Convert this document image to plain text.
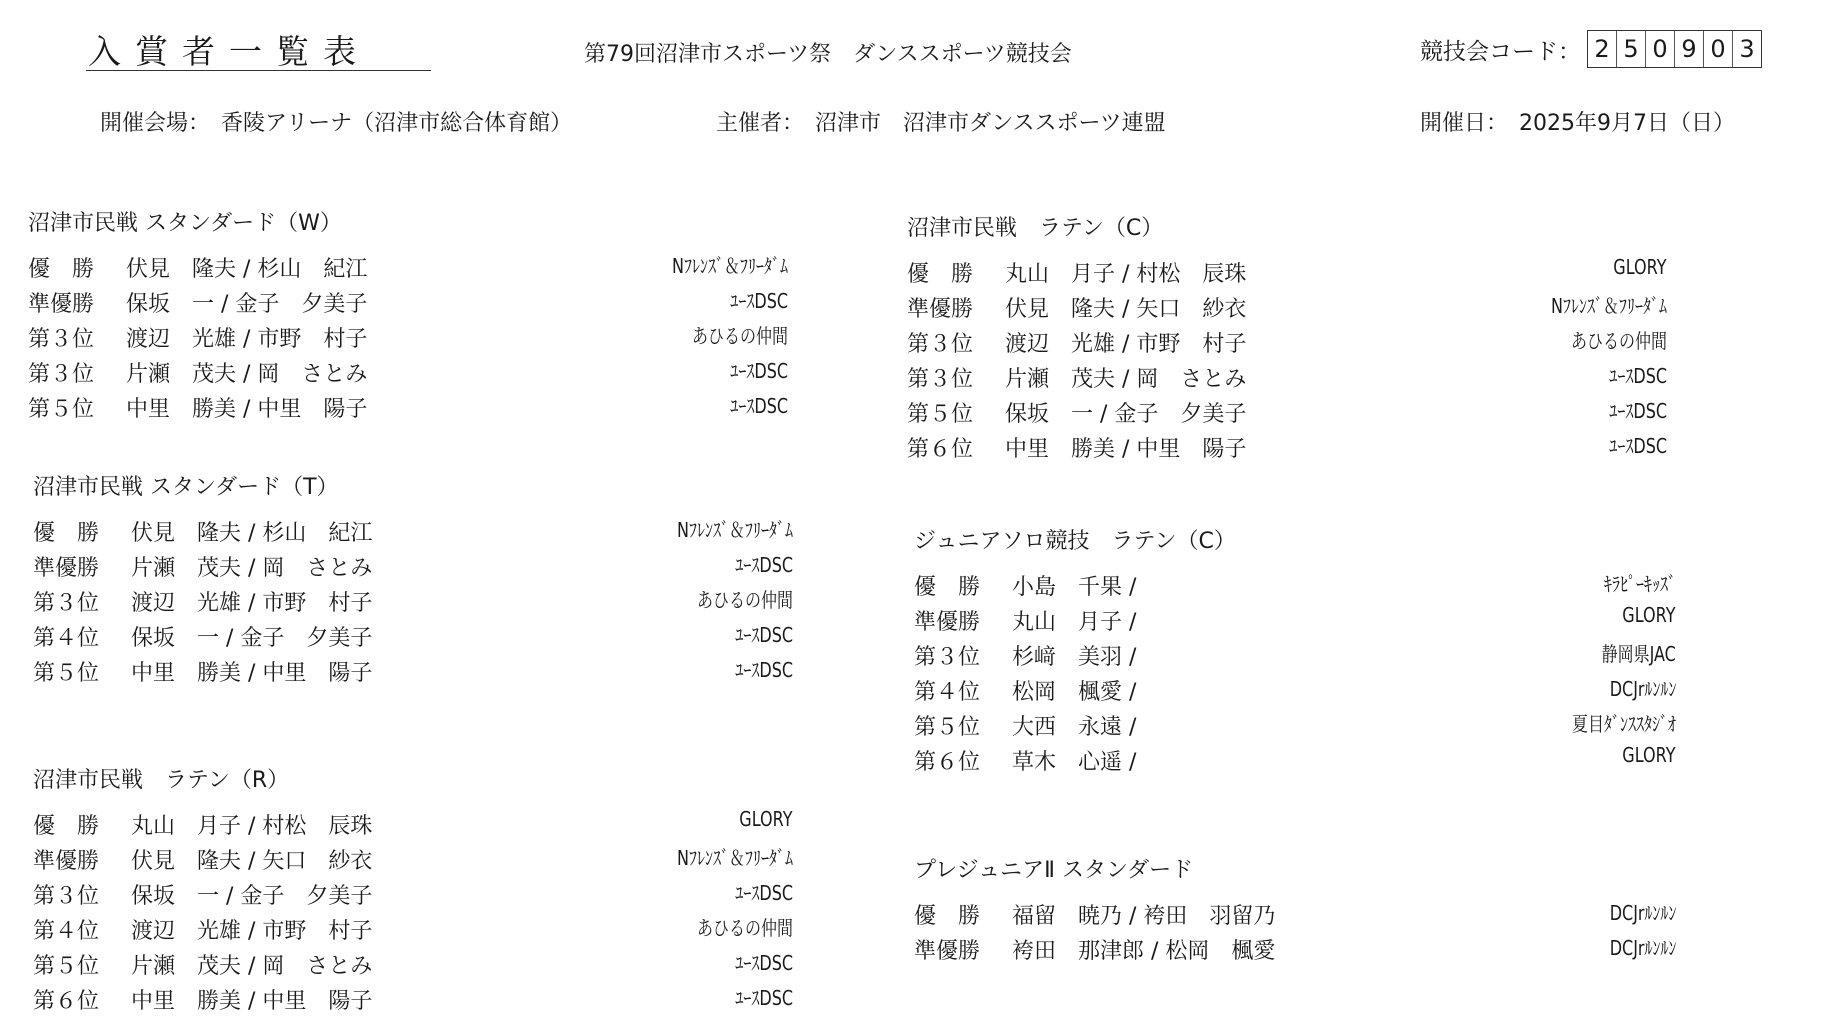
入賞者一覧表	第79回沼津市スポーツ祭　ダンススポーツ競技会	競技会コード： 2 5 0 9 0 3
開催会場：　香陵アリーナ（沼津市総合体育館）	主催者：　沼津市　沼津市ダンススポーツ連盟	開催日：　2025年9月7日（日）
沼津市民戦 スタンダード（W）
優　勝 伏見　隆夫 / 杉山　紀江	Nﾌﾚﾝｽﾞ＆ﾌﾘｰﾀﾞﾑ
準優勝 保坂　一 / 金子　夕美子	ﾕｰｽDSC
第３位 渡辺　光雄 / 市野　村子	あひるの仲間
第３位 片瀬　茂夫 / 岡　さとみ	ﾕｰｽDSC
第５位 中里　勝美 / 中里　陽子	ﾕｰｽDSC
沼津市民戦 スタンダード（T）
優　勝 伏見　隆夫 / 杉山　紀江	Nﾌﾚﾝｽﾞ＆ﾌﾘｰﾀﾞﾑ
準優勝 片瀬　茂夫 / 岡　さとみ	ﾕｰｽDSC
第３位 渡辺　光雄 / 市野　村子	あひるの仲間
第４位 保坂　一 / 金子　夕美子	ﾕｰｽDSC
第５位 中里　勝美 / 中里　陽子	ﾕｰｽDSC
沼津市民戦　ラテン（R）
優　勝 丸山　月子 / 村松　辰珠	GLORY
準優勝 伏見　隆夫 / 矢口　紗衣	Nﾌﾚﾝｽﾞ＆ﾌﾘｰﾀﾞﾑ
第３位 保坂　一 / 金子　夕美子	ﾕｰｽDSC
第４位 渡辺　光雄 / 市野　村子	あひるの仲間
第５位 片瀬　茂夫 / 岡　さとみ	ﾕｰｽDSC
第６位 中里　勝美 / 中里　陽子	ﾕｰｽDSC
沼津市民戦　ラテン（C）
優　勝 丸山　月子 / 村松　辰珠	GLORY
準優勝 伏見　隆夫 / 矢口　紗衣	Nﾌﾚﾝｽﾞ＆ﾌﾘｰﾀﾞﾑ
第３位 渡辺　光雄 / 市野　村子	あひるの仲間
第３位 片瀬　茂夫 / 岡　さとみ	ﾕｰｽDSC
第５位 保坂　一 / 金子　夕美子	ﾕｰｽDSC
第６位 中里　勝美 / 中里　陽子	ﾕｰｽDSC
ジュニアソロ競技　ラテン（C）
優　勝 小島　千果 /	ｷﾗﾋﾟｰｷｯｽﾞ
準優勝 丸山　月子 /	GLORY
第３位 杉﨑　美羽 /	静岡県JAC
第４位 松岡　楓愛 /	DCJrﾙﾝﾙﾝ
第５位 大西　永遠 /	夏目ﾀﾞﾝｽｽﾀｼﾞｵ
第６位 草木　心遥 /	GLORY
プレジュニアⅡ スタンダード
優　勝 福留　暁乃 / 袴田　羽留乃	DCJrﾙﾝﾙﾝ
準優勝 袴田　那津郎 / 松岡　楓愛	DCJrﾙﾝﾙﾝ
